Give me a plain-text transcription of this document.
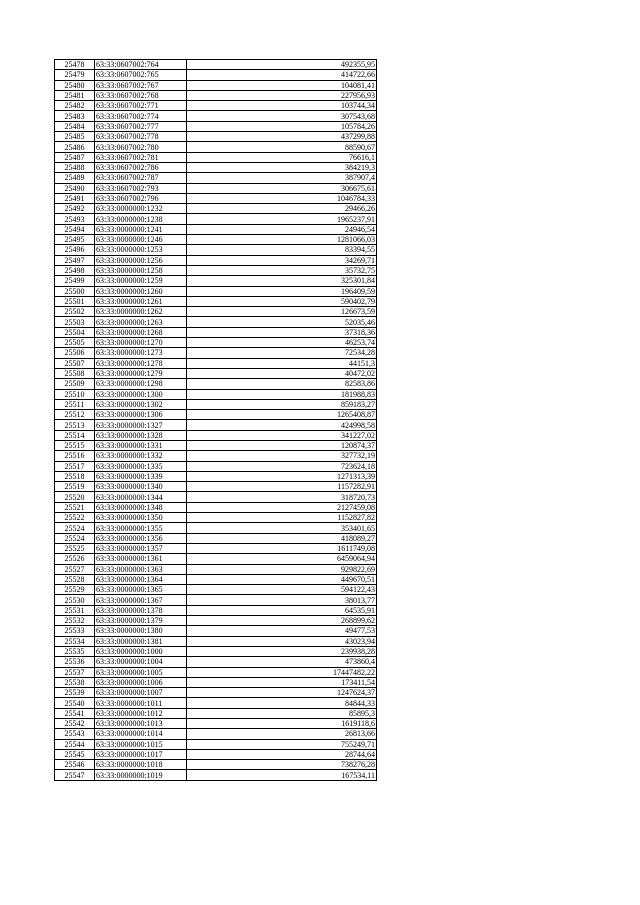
25478	63:33:0607002:764	492355,95
25479	63:33:0607002:765	414722,66
25480	63:33:0607002:767	104081,41
25481	63:33:0607002:768	227956,93
25482	63:33:0607002:771	103744,34
25483	63:33:0607002:774	307543,68
25484	63:33:0607002:777	105784,26
25485	63:33:0607002:778	437299,88
25486	63:33:0607002:780	88590,67
25487	63:33:0607002:781	76616,1
25488	63:33:0607002:786	384219,3
25489	63:33:0607002:787	387907,4
25490	63:33:0607002:793	306675,61
25491	63:33:0607002:796	1046784,33
25492	63:33:0000000:1232	29466,26
25493	63:33:0000000:1238	1965237,91
25494	63:33:0000000:1241	24946,54
25495	63:33:0000000:1246	1281066,03
25496	63:33:0000000:1253	83394,55
25497	63:33:0000000:1256	34269,71
25498	63:33:0000000:1258	35732,75
25499	63:33:0000000:1259	325301,84
25500	63:33:0000000:1260	196409,59
25501	63:33:0000000:1261	590402,79
25502	63:33:0000000:1262	126673,59
25503	63:33:0000000:1263	52035,46
25504	63:33:0000000:1268	37318,36
25505	63:33:0000000:1270	46253,74
25506	63:33:0000000:1273	72534,28
25507	63:33:0000000:1278	44151,3
25508	63:33:0000000:1279	40472,02
25509	63:33:0000000:1298	82583,86
25510	63:33:0000000:1300	181988,83
25511	63:33:0000000:1302	859183,27
25512	63:33:0000000:1306	1265408,87
25513	63:33:0000000:1327	424998,58
25514	63:33:0000000:1328	341227,02
25515	63:33:0000000:1331	120874,37
25516	63:33:0000000:1332	327732,19
25517	63:33:0000000:1335	723624,18
25518	63:33:0000000:1339	1271313,39
25519	63:33:0000000:1340	1157282,91
25520	63:33:0000000:1344	318720,73
25521	63:33:0000000:1348	2127459,08
25522	63:33:0000000:1350	1152827,82
25524	63:33:0000000:1355	353401,65
25524	63:33:0000000:1356	418089,27
25525	63:33:0000000:1357	1611749,08
25526	63:33:0000000:1361	6459064,94
25527	63:33:0000000:1363	929822,69
25528	63:33:0000000:1364	449670,51
25529	63:33:0000000:1365	594122,43
25530	63:33:0000000:1367	38013,77
25531	63:33:0000000:1378	64535,91
25532	63:33:0000000:1379	268899,62
25533	63:33:0000000:1380	49477,53
25534	63:33:0000000:1381	43023,94
25535	63:33:0000000:1000	239938,28
25536	63:33:0000000:1004	473860,4
25537	63:33:0000000:1005	17447482,22
25538	63:33:0000000:1006	173411,54
25539	63:33:0000000:1007	1247624,37
25540	63:33:0000000:1011	84844,33
25541	63:33:0000000:1012	85895,3
25542	63:33:0000000:1013	1619118,6
25543	63:33:0000000:1014	26813,66
25544	63:33:0000000:1015	755249,71
25545	63:33:0000000:1017	28744,64
25546	63:33:0000000:1018	738276,28
25547	63:33:0000000:1019	167534,11
